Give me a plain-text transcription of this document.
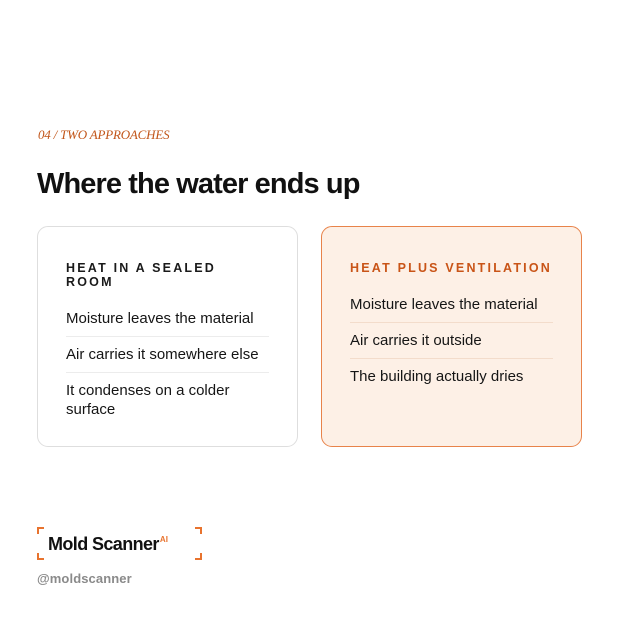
04 / TWO APPROACHES
Where the water ends up
HEAT IN A SEALED ROOM
Moisture leaves the material
Air carries it somewhere else
It condenses on a colder surface
HEAT PLUS VENTILATION
Moisture leaves the material
Air carries it outside
The building actually dries
Mold Scanner$^{AI}$
@moldscanner
